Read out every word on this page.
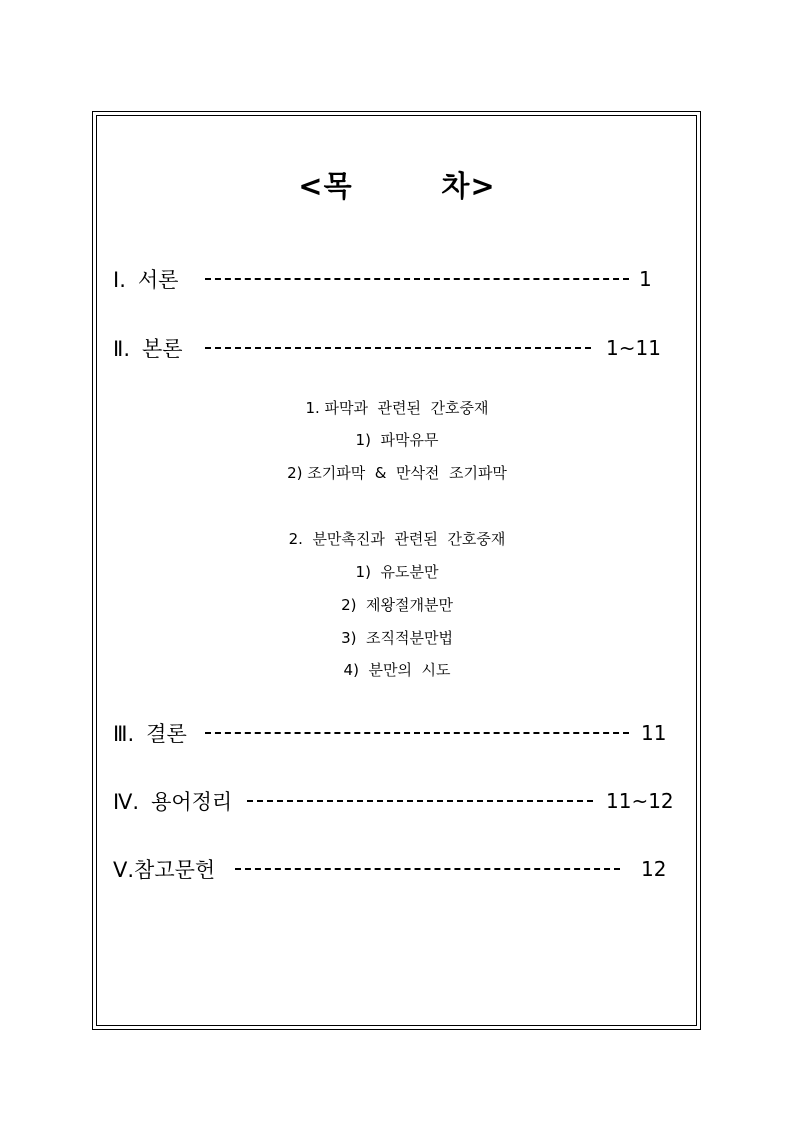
<목        차>
Ⅰ. 서론	1
Ⅱ. 본론	1~11
1. 파막과  관련된  간호중재
1)  파막유무
2) 조기파막  &  만삭전  조기파막
2.  분만촉진과  관련된  간호중재
1)  유도분만
2)  제왕절개분만
3)  조직적분만법
4)  분만의  시도
Ⅲ. 결론	11
Ⅳ. 용어정리	11~12
Ⅴ.참고문헌	12
